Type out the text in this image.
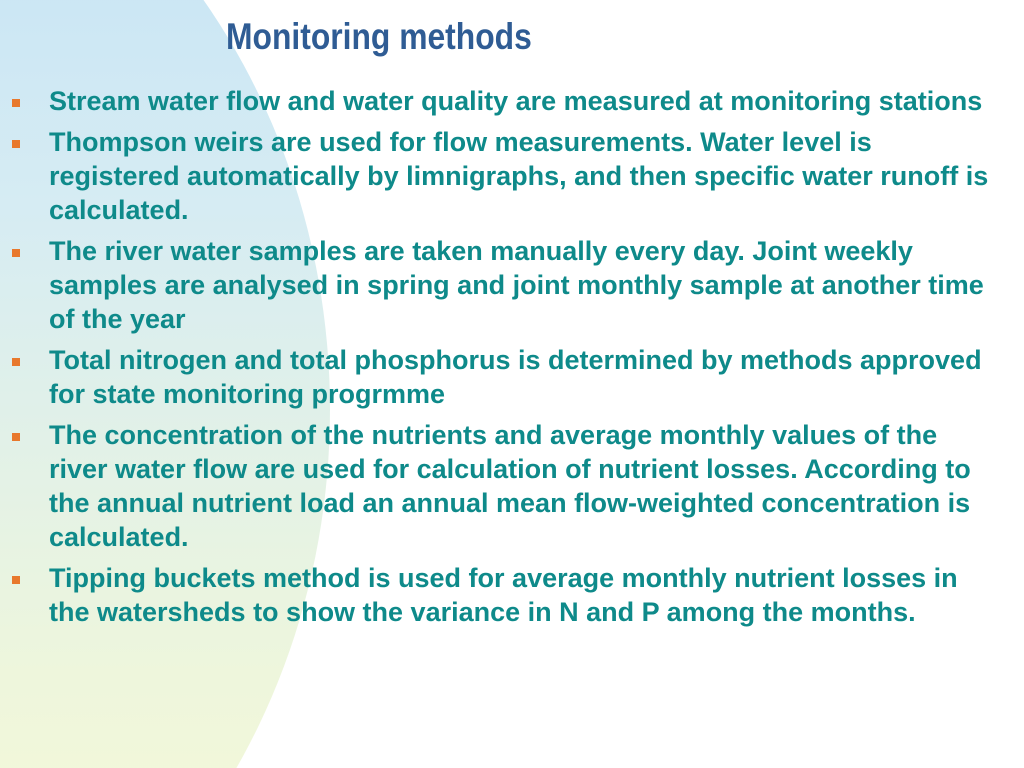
Monitoring methods
Stream water flow and water quality are measured at monitoring stations
Thompson weirs are used for flow measurements. Water level is registered automatically by limnigraphs, and then specific water runoff is calculated.
The river water samples are taken manually every day. Joint weekly samples are analysed in spring and joint monthly sample at another time of the year
Total nitrogen and total phosphorus is determined by methods approved for state monitoring progrmme
The concentration of the nutrients and average monthly values of the river water flow are used for calculation of nutrient losses. According to the annual nutrient load an annual mean flow-weighted concentration is calculated.
Tipping buckets method is used for average monthly nutrient losses in the watersheds to show the variance in N and P among the months.
